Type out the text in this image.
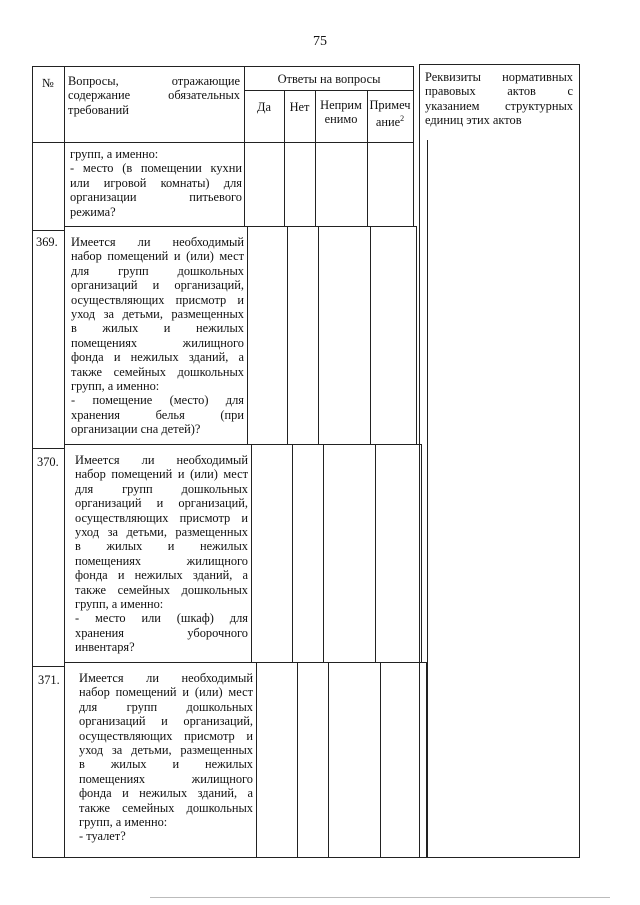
75
№	Вопросы, отражающие
содержание обязательных
требований
Ответы на вопросы
Да	Нет Неприм
енимо
Примеч
ание$^2$
Реквизиты нормативных
правовых актов с
указанием структурных
единиц этих актов
групп, а именно:
- место (в помещении кухни
или игровой комнаты) для
организации питьевого
режима?
369. Имеется ли необходимый
набор помещений и (или) мест
для групп дошкольных
организаций и организаций,
осуществляющих присмотр и
уход за детьми, размещенных
в жилых и нежилых
помещениях жилищного
фонда и нежилых зданий, а
также семейных дошкольных
групп, а именно:
- помещение (место) для
хранения белья (при
организации сна детей)?
370. Имеется ли необходимый
набор помещений и (или) мест
для групп дошкольных
организаций и организаций,
осуществляющих присмотр и
уход за детьми, размещенных
в жилых и нежилых
помещениях жилищного
фонда и нежилых зданий, а
также семейных дошкольных
групп, а именно:
- место или (шкаф) для
хранения уборочного
инвентаря?
371. Имеется ли необходимый
набор помещений и (или) мест
для групп дошкольных
организаций и организаций,
осуществляющих присмотр и
уход за детьми, размещенных
в жилых и нежилых
помещениях жилищного
фонда и нежилых зданий, а
также семейных дошкольных
групп, а именно:
- туалет?
